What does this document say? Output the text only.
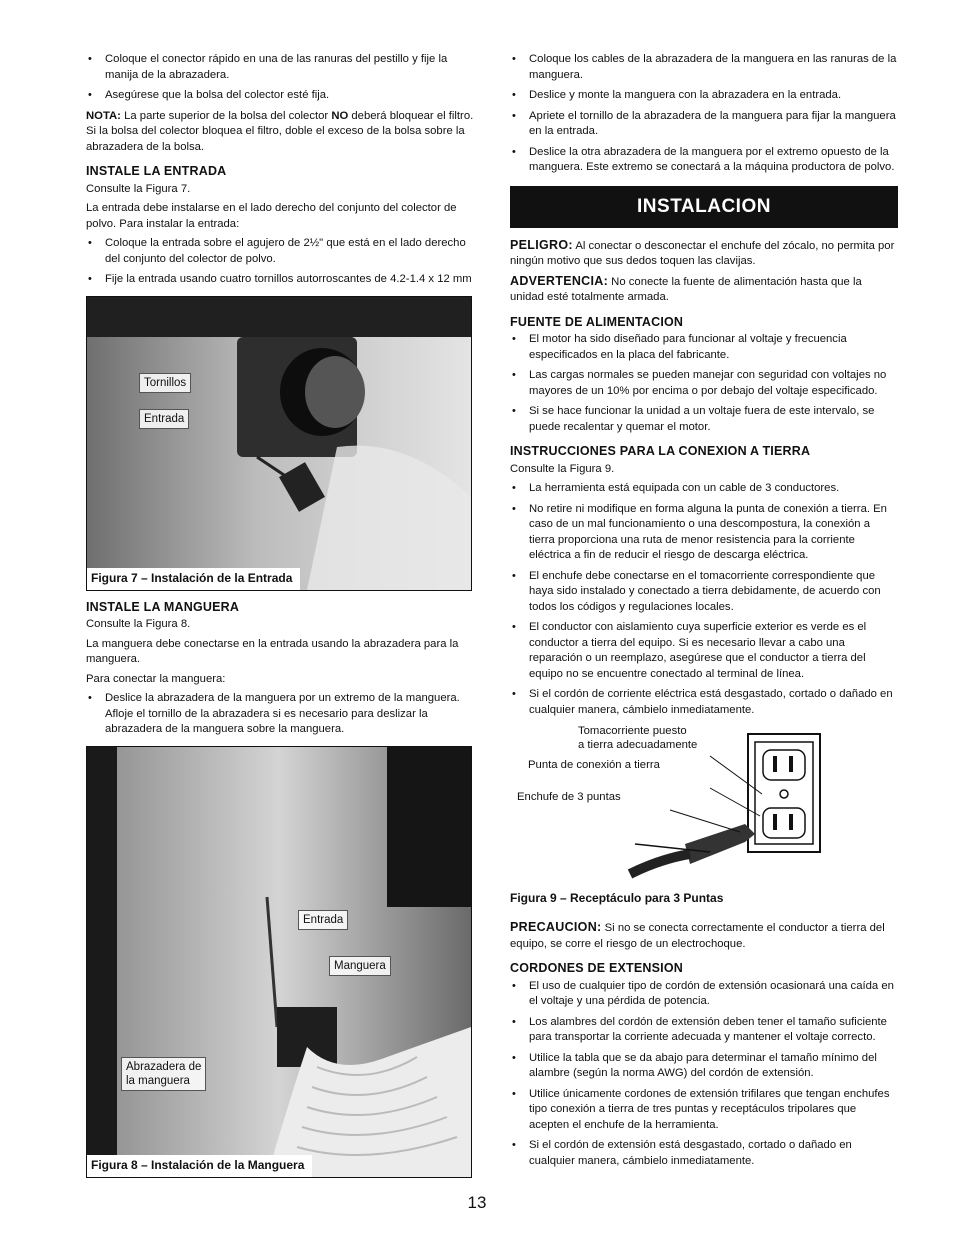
• Coloque el conector rápido en una de las ranuras del pestillo y fije la manija de la abrazadera.
• Asegúrese que la bolsa del colector esté fija.

NOTA: La parte superior de la bolsa del colector NO deberá bloquear el filtro. Si la bolsa del colector bloquea el filtro, doble el exceso de la bolsa sobre la abrazadera de la bolsa.

INSTALE LA ENTRADA

Consulte la Figura 7.

La entrada debe instalarse en el lado derecho del conjunto del colector de polvo. Para instalar la entrada:

• Coloque la entrada sobre el agujero de 2½" que está en el lado derecho del conjunto del colector de polvo.
• Fije la entrada usando cuatro tornillos autorroscantes de 4.2-1.4 x 12 mm
Tornillos
Entrada
Figura 7 – Instalación de la Entrada
INSTALE LA MANGUERA

Consulte la Figura 8.

La manguera debe conectarse en la entrada usando la abrazadera para la manguera.

Para conectar la manguera:

• Deslice la abrazadera de la manguera por un extremo de la manguera. Afloje el tornillo de la abrazadera si es necesario para deslizar la abrazadera de la manguera sobre la manguera.
Entrada
Manguera
Abrazadera de
la manguera
Figura 8 – Instalación de la Manguera
• Coloque los cables de la abrazadera de la manguera en las ranuras de la manguera.
• Deslice y monte la manguera con la abrazadera en la entrada.
• Apriete el tornillo de la abrazadera de la manguera para fijar la manguera en la entrada.
• Deslice la otra abrazadera de la manguera por el extremo opuesto de la manguera. Este extremo se conectará a la máquina productora de polvo.
INSTALACION

PELIGRO: Al conectar o desconectar el enchufe del zócalo, no permita por ningún motivo que sus dedos toquen las clavijas.

ADVERTENCIA: No conecte la fuente de alimentación hasta que la unidad esté totalmente armada.

FUENTE DE ALIMENTACION
• El motor ha sido diseñado para funcionar al voltaje y frecuencia especificados en la placa del fabricante.
• Las cargas normales se pueden manejar con seguridad con voltajes no mayores de un 10% por encima o por debajo del voltaje especificado.
• Si se hace funcionar la unidad a un voltaje fuera de este intervalo, se puede recalentar y quemar el motor.
INSTRUCCIONES PARA LA CONEXION A TIERRA

Consulte la Figura 9.

• La herramienta está equipada con un cable de 3 conductores.
• No retire ni modifique en forma alguna la punta de conexión a tierra. En caso de un mal funcionamiento o una descompostura, la conexión a tierra proporciona una ruta de menor resistencia para la corriente eléctrica a fin de reducir el riesgo de descarga eléctrica.
• El enchufe debe conectarse en el tomacorriente correspondiente que haya sido instalado y conectado a tierra debidamente, de acuerdo con todos los códigos y regulaciones locales.
• El conductor con aislamiento cuya superficie exterior es verde es el conductor a tierra del equipo. Si es necesario llevar a cabo una reparación o un reemplazo, asegúrese que el conductor a tierra del equipo no se encuentre conectado al terminal de línea.
• Si el cordón de corriente eléctrica está desgastado, cortado o dañado en cualquier manera, cámbielo inmediatamente.
Tomacorriente puesto
a tierra adecuadamente
Punta de conexión a tierra
Enchufe de 3 puntas
Figura 9 – Receptáculo para 3 Puntas

PRECAUCION: Si no se conecta correctamente el conductor a tierra del equipo, se corre el riesgo de un electrochoque.

CORDONES DE EXTENSION
• El uso de cualquier tipo de cordón de extensión ocasionará una caída en el voltaje y una pérdida de potencia.
• Los alambres del cordón de extensión deben tener el tamaño suficiente para transportar la corriente adecuada y mantener el voltaje correcto.
• Utilice la tabla que se da abajo para determinar el tamaño mínimo del alambre (según la norma AWG) del cordón de extensión.
• Utilice únicamente cordones de extensión trifilares que tengan enchufes tipo conexión a tierra de tres puntas y receptáculos tripolares que acepten el enchufe de la herramienta.
• Si el cordón de extensión está desgastado, cortado o dañado en cualquier manera, cámbielo inmediatamente.
13
